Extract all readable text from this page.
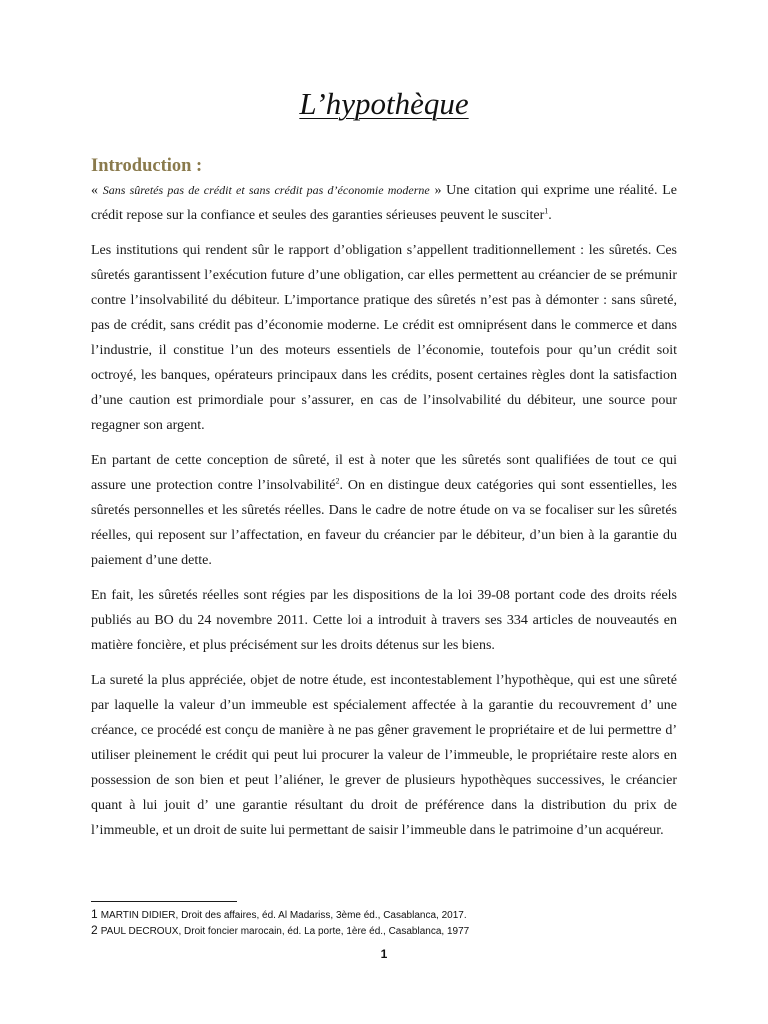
L’hypothèque
Introduction :

« Sans sûretés pas de crédit et sans crédit pas d’économie moderne » Une citation qui exprime une réalité. Le crédit repose sur la confiance et seules des garanties sérieuses peuvent le susciter$^1$.

Les institutions qui rendent sûr le rapport d’obligation s’appellent traditionnellement : les sûretés. Ces sûretés garantissent l’exécution future d’une obligation, car elles permettent au créancier de se prémunir contre l’insolvabilité du débiteur. L’importance pratique des sûretés n’est pas à démonter : sans sûreté, pas de crédit, sans crédit pas d’économie moderne. Le crédit est omniprésent dans le commerce et dans l’industrie, il constitue l’un des moteurs essentiels de l’économie, toutefois pour qu’un crédit soit octroyé, les banques, opérateurs principaux dans les crédits, posent certaines règles dont la satisfaction d’une caution est primordiale pour s’assurer, en cas de l’insolvabilité du débiteur, une source pour regagner son argent.

En partant de cette conception de sûreté, il est à noter que les sûretés sont qualifiées de tout ce qui assure une protection contre l’insolvabilité$^2$. On en distingue deux catégories qui sont essentielles, les sûretés personnelles et les sûretés réelles. Dans le cadre de notre étude on va se focaliser sur les sûretés réelles, qui reposent sur l’affectation, en faveur du créancier par le débiteur, d’un bien à la garantie du paiement d’une dette.

En fait, les sûretés réelles sont régies par les dispositions de la loi 39-08 portant code des droits réels publiés au BO du 24 novembre 2011. Cette loi a introduit à travers ses 334 articles de nouveautés en matière foncière, et plus précisément sur les droits détenus sur les biens.

La sureté la plus appréciée, objet de notre étude, est incontestablement l’hypothèque, qui est une sûreté par laquelle la valeur d’un immeuble est spécialement affectée à la garantie du recouvrement d’ une créance, ce procédé est conçu de manière à ne pas gêner gravement le propriétaire et de lui permettre d’ utiliser pleinement le crédit qui peut lui procurer la valeur de l’immeuble, le propriétaire reste alors en possession de son bien et peut l’aliéner, le grever de plusieurs hypothèques successives, le créancier quant à lui jouit d’ une garantie résultant du droit de préférence dans la distribution du prix de l’immeuble, et un droit de suite lui permettant de saisir l’immeuble dans le patrimoine d’un acquéreur.

1 MARTIN DIDIER, Droit des affaires, éd. Al Madariss, 3ème éd., Casablanca, 2017.

2 PAUL DECROUX, Droit foncier marocain, éd. La porte, 1ère éd., Casablanca, 1977

1
